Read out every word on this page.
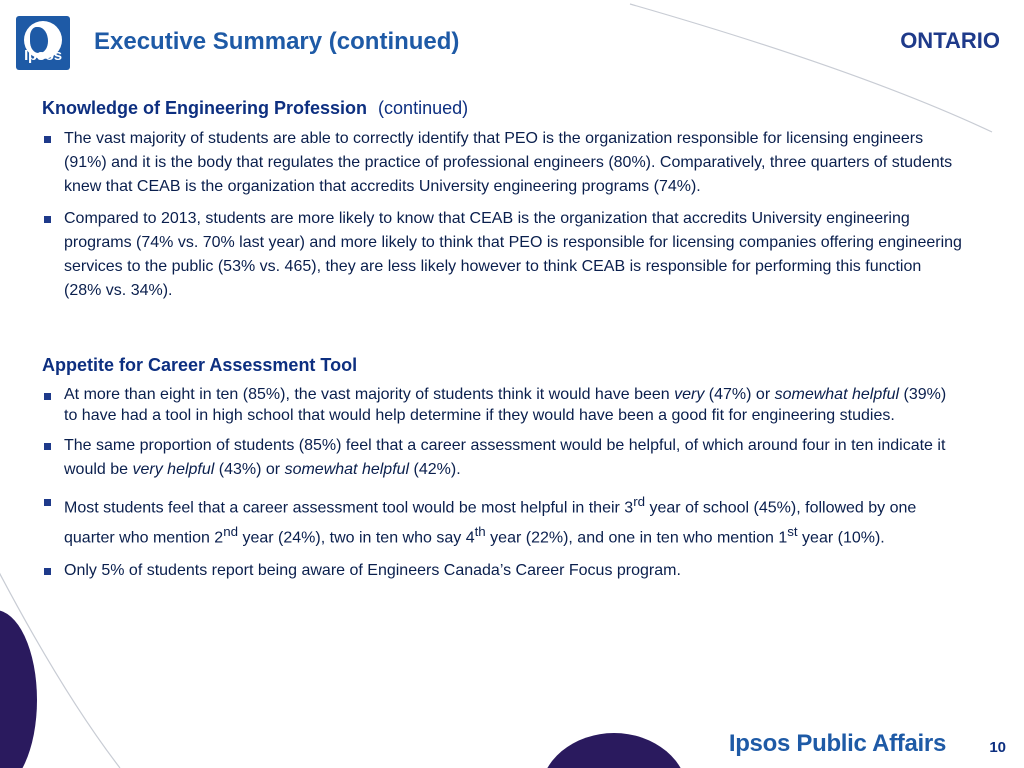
Ipsos
Executive Summary (continued)	ONTARIO
Knowledge of Engineering Profession (continued)
The vast majority of students are able to correctly identify that PEO is the organization responsible for licensing engineers (91%) and it is the body that regulates the practice of professional engineers (80%). Comparatively, three quarters of students knew that CEAB is the organization that accredits University engineering programs (74%).
Compared to 2013, students are more likely to know that CEAB is the organization that accredits University engineering programs (74% vs. 70% last year) and more likely to think that PEO is responsible for licensing companies offering engineering services to the public (53% vs. 465), they are less likely however to think CEAB is responsible for performing this function (28% vs. 34%).
Appetite for Career Assessment Tool
At more than eight in ten (85%), the vast majority of students think it would have been very (47%) or somewhat helpful (39%) to have had a tool in high school that would help determine if they would have been a good fit for engineering studies.
The same proportion of students (85%) feel that a career assessment would be helpful, of which around four in ten indicate it would be very helpful (43%) or somewhat helpful (42%).
Most students feel that a career assessment tool would be most helpful in their 3rd year of school (45%), followed by one quarter who mention 2nd year (24%), two in ten who say 4th year (22%), and one in ten who mention 1st year (10%).
Only 5% of students report being aware of Engineers Canada’s Career Focus program.
Ipsos Public Affairs	10
